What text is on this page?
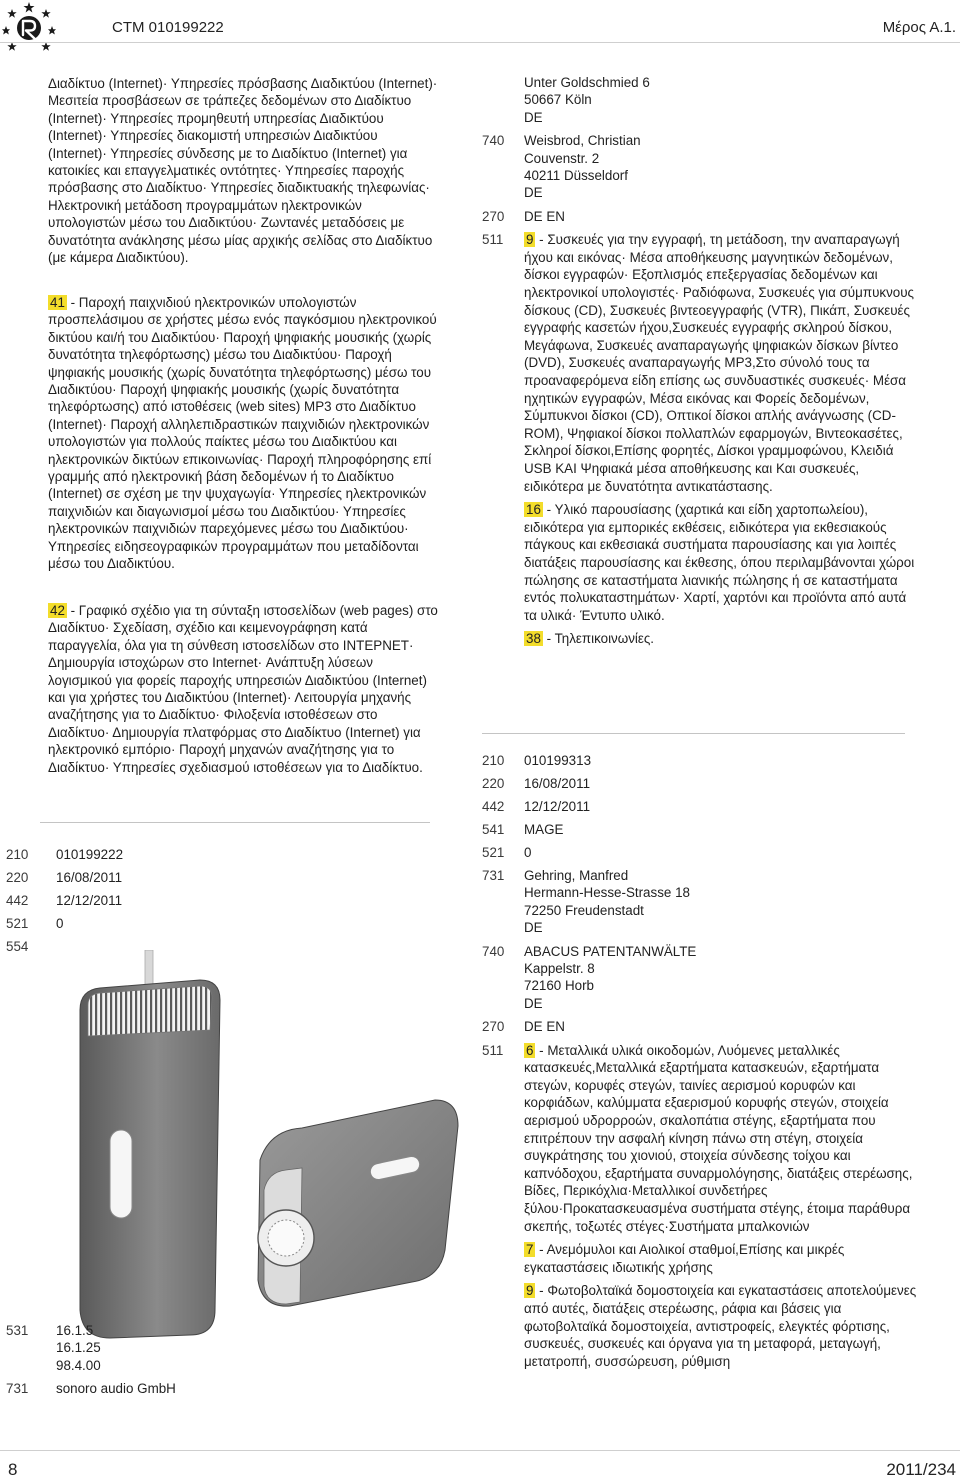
CTM 010199222	Μέρος Α.1.
Διαδίκτυο (Internet)· Υπηρεσίες πρόσβασης Διαδικτύου (Internet)· Μεσιτεία προσβάσεων σε τράπεζες δεδομένων στο Διαδίκτυο (Internet)· Υπηρεσίες προμηθευτή υπηρεσίας Διαδικτύου (Internet)· Υπηρεσίες διακομιστή υπηρεσιών Διαδικτύου (Internet)· Υπηρεσίες σύνδεσης με το Διαδίκτυο (Internet) για κατοικίες και επαγγελματικές οντότητες· Υπηρεσίες παροχής πρόσβασης στο Διαδίκτυο· Υπηρεσίες διαδικτυακής τηλεφωνίας· Ηλεκτρονική μετάδοση προγραμμάτων ηλεκτρονικών υπολογιστών μέσω του Διαδικτύου· Ζωντανές μεταδόσεις με δυνατότητα ανάκλησης μέσω μίας αρχικής σελίδας στο Διαδίκτυο (με κάμερα Διαδικτύου).
41 - Παροχή παιχνιδιού ηλεκτρονικών υπολογιστών προσπελάσιμου σε χρήστες μέσω ενός παγκόσμιου ηλεκτρονικού δικτύου και/ή του Διαδικτύου· Παροχή ψηφιακής μουσικής (χωρίς δυνατότητα τηλεφόρτωσης) μέσω του Διαδικτύου· Παροχή ψηφιακής μουσικής (χωρίς δυνατότητα τηλεφόρτωσης) μέσω του Διαδικτύου· Παροχή ψηφιακής μουσικής (χωρίς δυνατότητα τηλεφόρτωσης) από ιστοθέσεις (web sites) MP3 στο Διαδίκτυο (Internet)· Παροχή αλληλεπιδραστικών παιχνιδιών ηλεκτρονικών υπολογιστών για πολλούς παίκτες μέσω του Διαδικτύου και ηλεκτρονικών δικτύων επικοινωνίας· Παροχή πληροφόρησης επί γραμμής από ηλεκτρονική βάση δεδομένων ή το Διαδίκτυο (Internet) σε σχέση με την ψυχαγωγία· Υπηρεσίες ηλεκτρονικών παιχνιδιών και διαγωνισμοί μέσω του Διαδικτύου· Υπηρεσίες ηλεκτρονικών παιχνιδιών παρεχόμενες μέσω του Διαδικτύου· Υπηρεσίες ειδησεογραφικών προγραμμάτων που μεταδίδονται μέσω του Διαδικτύου.
42 - Γραφικό σχέδιο για τη σύνταξη ιστοσελίδων (web pages) στο Διαδίκτυο· Σχεδίαση, σχέδιο και κειμενογράφηση κατά παραγγελία, όλα για τη σύνθεση ιστοσελίδων στο INTEPNET· Δημιουργία ιστοχώρων στο Internet· Ανάπτυξη λύσεων λογισμικού για φορείς παροχής υπηρεσιών Διαδικτύου (Internet) και για χρήστες του Διαδικτύου (Internet)· Λειτουργία μηχανής αναζήτησης για το Διαδίκτυο· Φιλοξενία ιστοθέσεων στο Διαδίκτυο· Δημιουργία πλατφόρμας στο Διαδίκτυο (Internet) για ηλεκτρονικό εμπόριο· Παροχή μηχανών αναζήτησης για το Διαδίκτυο· Υπηρεσίες σχεδιασμού ιστοθέσεων για το Διαδίκτυο.
210	010199222
220	16/08/2011
442	12/12/2011
521	0
554
531	16.1.5
16.1.25
98.4.00
731	sonoro audio GmbH
Unter Goldschmied 6
50667 Köln
DE
740	Weisbrod, Christian
Couvenstr. 2
40211 Düsseldorf
DE
270	DE EN
511	9 - Συσκευές για την εγγραφή, τη μετάδοση, την αναπαραγωγή ήχου και εικόνας· Μέσα αποθήκευσης μαγνητικών δεδομένων, δίσκοι εγγραφών· Εξοπλισμός επεξεργασίας δεδομένων και ηλεκτρονικοί υπολογιστές· Ραδιόφωνα, Συσκευές για σύμπυκνους δίσκους (CD), Συσκευές βιντεοεγγραφής (VTR), Πικάπ, Συσκευές εγγραφής κασετών ήχου,Συσκευές εγγραφής σκληρού δίσκου, Μεγάφωνα, Συσκευές αναπαραγωγής ψηφιακών δίσκων βίντεο (DVD), Συσκευές αναπαραγωγής MP3,Στο σύνολό τους τα προαναφερόμενα είδη επίσης ως συνδυαστικές συσκευές· Μέσα ηχητικών εγγραφών, Μέσα εικόνας και Φορείς δεδομένων, Σύμπυκνοι δίσκοι (CD), Οπτικοί δίσκοι απλής ανάγνωσης (CD-ROM), Ψηφιακοί δίσκοι πολλαπλών εφαρμογών, Βιντεοκασέτες, Σκληροί δίσκοι,Επίσης φορητές, Δίσκοι γραμμοφώνου, Κλειδιά USB ΚΑΙ Ψηφιακά μέσα αποθήκευσης και Και συσκευές, ειδικότερα με δυνατότητα αντικατάστασης.
16 - Υλικό παρουσίασης (χαρτικά και είδη χαρτοπωλείου), ειδικότερα για εμπορικές εκθέσεις, ειδικότερα για εκθεσιακούς πάγκους και εκθεσιακά συστήματα παρουσίασης και για λοιπές διατάξεις παρουσίασης και έκθεσης, όπου περιλαμβάνονται χώροι πώλησης σε καταστήματα λιανικής πώλησης ή σε καταστήματα εντός πολυκαταστημάτων· Χαρτί, χαρτόνι και προϊόντα από αυτά τα υλικά· Έντυπο υλικό.
38 - Τηλεπικοινωνίες.
210	010199313
220	16/08/2011
442	12/12/2011
541	MAGE
521	0
731	Gehring, Manfred
Hermann-Hesse-Strasse 18
72250 Freudenstadt
DE
740	ABACUS PATENTANWÄLTE
Kappelstr. 8
72160 Horb
DE
270	DE EN
511	6 - Μεταλλικά υλικά οικοδομών, Λυόμενες μεταλλικές κατασκευές,Μεταλλικά εξαρτήματα κατασκευών, εξαρτήματα στεγών, κορυφές στεγών, ταινίες αερισμού κορυφών και κορφιάδων, καλύμματα εξαερισμού κορυφής στεγών, στοιχεία αερισμού υδρορροών, σκαλοπάτια στέγης, εξαρτήματα που επιτρέπουν την ασφαλή κίνηση πάνω στη στέγη, στοιχεία συγκράτησης του χιονιού, στοιχεία σύνδεσης τοίχου και καπνόδοχου, εξαρτήματα συναρμολόγησης, διατάξεις στερέωσης, Βίδες, Περικόχλια·Μεταλλικοί συνδετήρες ξύλου·Προκατασκευασμένα συστήματα στέγης, έτοιμα παράθυρα σκεπής, τοξωτές στέγες·Συστήματα μπαλκονιών
7 - Ανεμόμυλοι και Αιολικοί σταθμοί,Επίσης και μικρές εγκαταστάσεις ιδιωτικής χρήσης
9 - Φωτοβολταϊκά δομοστοιχεία και εγκαταστάσεις αποτελούμενες από αυτές, διατάξεις στερέωσης, ράφια και βάσεις για φωτοβολταϊκά δομοστοιχεία, αντιστροφείς, ελεγκτές φόρτισης, συσκευές, συσκευές και όργανα για τη μεταφορά, μεταγωγή, μετατροπή, συσσώρευση, ρύθμιση
8	2011/234
